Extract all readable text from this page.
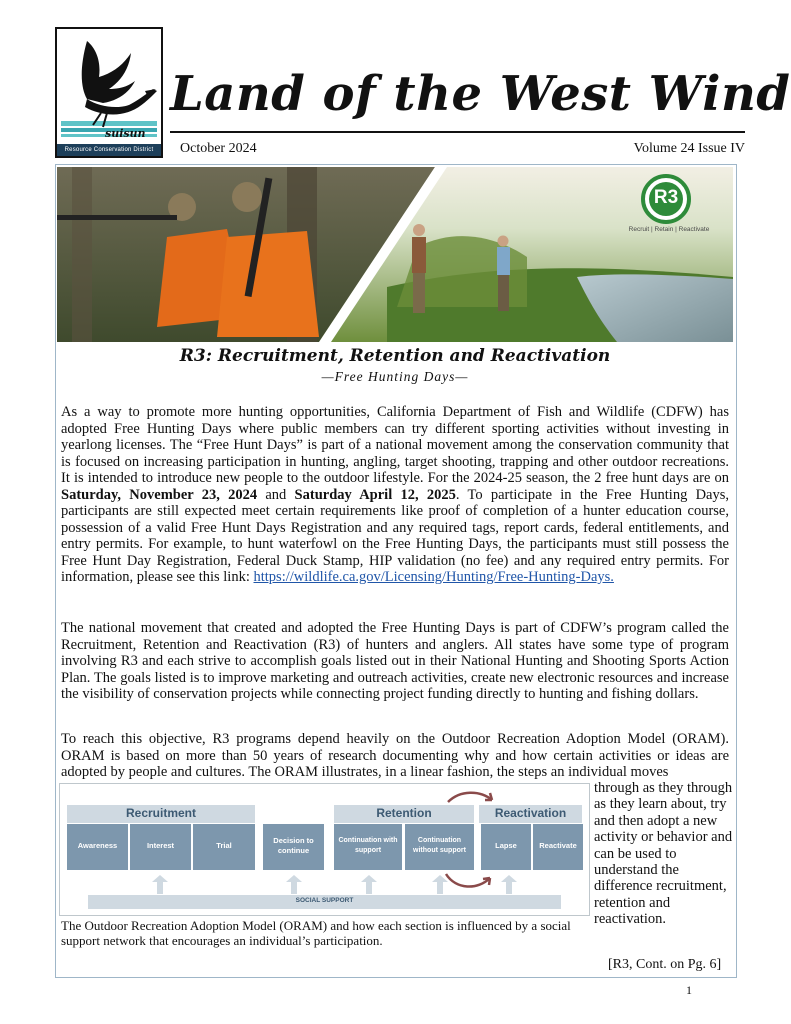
Resource Conservation District
suisun
Land of the West Wind
October 2024	Volume 24 Issue IV
R3
Recruit | Retain | Reactivate
R3: Recruitment, Retention and Reactivation
—Free Hunting Days—
As a way to promote more hunting opportunities, California Department of Fish and Wildlife (CDFW) has adopted Free Hunting Days where public members can try different sporting activities without investing in yearlong licenses. The “Free Hunt Days” is part of a national movement among the conservation community that is focused on increasing participation in hunting, angling, target shooting, trapping and other outdoor recreations. It is intended to introduce new people to the outdoor lifestyle. For the 2024-25 season, the 2 free hunt days are on Saturday, November 23, 2024 and Saturday April 12, 2025. To participate in the Free Hunting Days, participants are still expected meet certain requirements like proof of completion of a hunter education course, possession of a valid Free Hunt Days Registration and any required tags, report cards, federal entitlements, and entry permits. For example, to hunt waterfowl on the Free Hunting Days, the participants must still possess the Free Hunt Day Registration, Federal Duck Stamp, HIP validation (no fee) and any required entry permits. For information, please see this link: https://wildlife.ca.gov/Licensing/Hunting/Free-Hunting-Days.
The national movement that created and adopted the Free Hunting Days is part of CDFW’s program called the Recruitment, Retention and Reactivation (R3) of hunters and anglers. All states have some type of program involving R3 and each strive to accomplish goals listed out in their National Hunting and Shooting Sports Action Plan. The goals listed is to improve marketing and outreach activities, create new electronic resources and increase the visibility of conservation projects while connecting project funding directly to hunting and fishing dollars.
To reach this objective, R3 programs depend heavily on the Outdoor Recreation Adoption Model (ORAM). ORAM is based on more than 50 years of research documenting why and how certain activities or ideas are adopted by people and cultures. The ORAM illustrates, in a linear fashion, the steps an individual moves
through as they through as they learn about, try and then adopt a new activity or behavior and can be used to understand the difference recruitment, retention and reactivation.
Recruitment	Retention	Reactivation
Awareness	Interest	Trial
Decision to continue
Continuation with support
Continuation without support
Lapse	Reactivate
SOCIAL SUPPORT
The Outdoor Recreation Adoption Model (ORAM) and how each section is influenced by a social support network that encourages an individual’s participation.
[R3, Cont. on Pg. 6]
1
